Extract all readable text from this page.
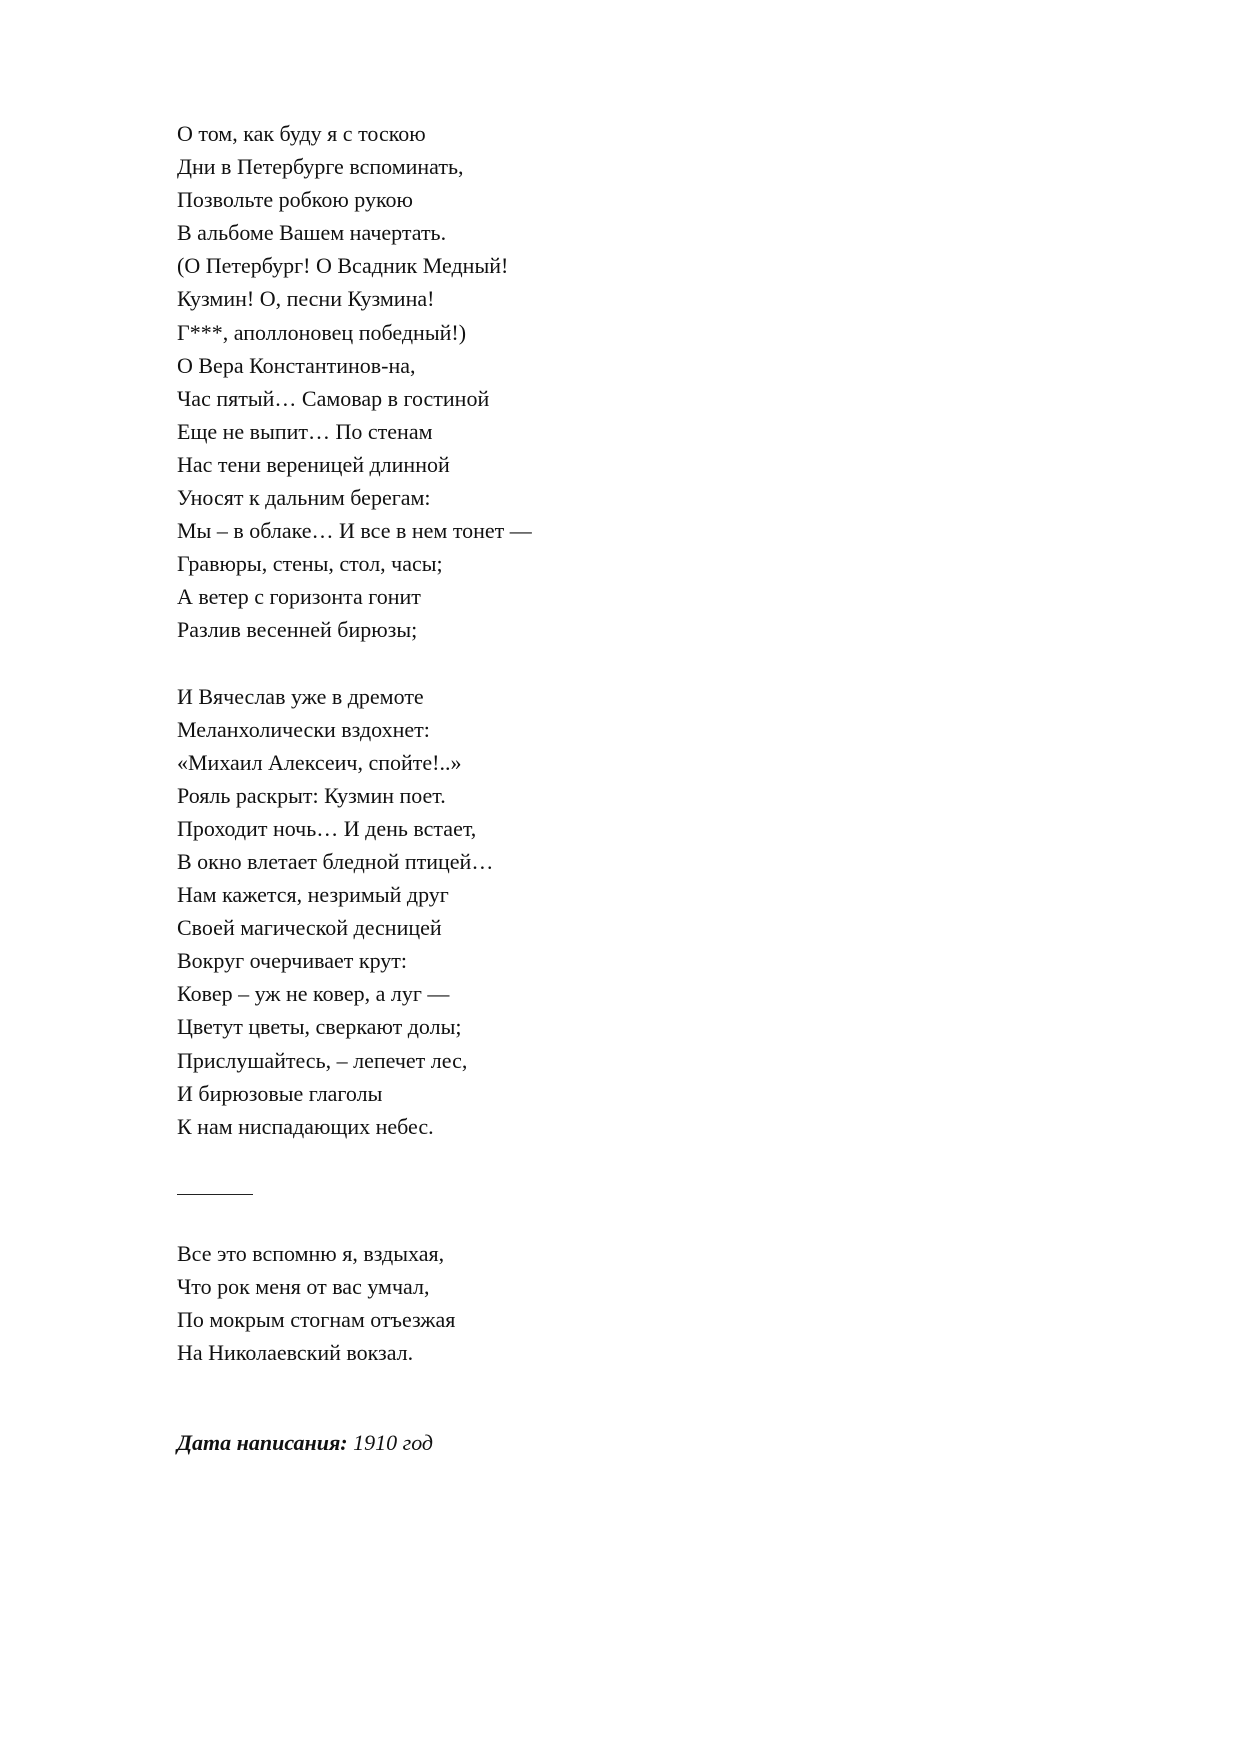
О том, как буду я с тоскою
Дни в Петербурге вспоминать,
Позвольте робкою рукою
В альбоме Вашем начертать.
(О Петербург! О Всадник Медный!
Кузмин! О, песни Кузмина!
Г***, аполлоновец победный!)
О Вера Константинов-на,
Час пятый… Самовар в гостиной
Еще не выпит… По стенам
Нас тени вереницей длинной
Уносят к дальним берегам:
Мы – в облаке… И все в нем тонет —
Гравюры, стены, стол, часы;
А ветер с горизонта гонит
Разлив весенней бирюзы;
И Вячеслав уже в дремоте
Меланхолически вздохнет:
«Михаил Алексеич, спойте!..»
Рояль раскрыт: Кузмин поет.
Проходит ночь… И день встает,
В окно влетает бледной птицей…
Нам кажется, незримый друг
Своей магической десницей
Вокруг очерчивает крут:
Ковер – уж не ковер, а луг —
Цветут цветы, сверкают долы;
Прислушайтесь, – лепечет лес,
И бирюзовые глаголы
К нам ниспадающих небес.
Все это вспомню я, вздыхая,
Что рок меня от вас умчал,
По мокрым стогнам отъезжая
На Николаевский вокзал.
Дата написания: 1910 год
